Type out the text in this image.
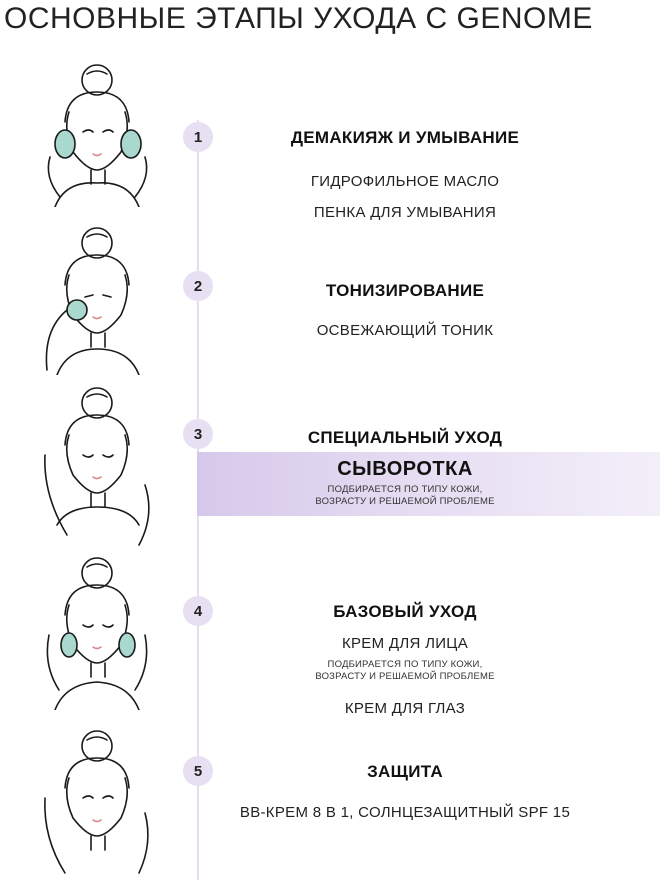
ОСНОВНЫЕ ЭТАПЫ УХОДА С GENOME
1	ДЕМАКИЯЖ И УМЫВАНИЕ
ГИДРОФИЛЬНОЕ МАСЛО
ПЕНКА ДЛЯ УМЫВАНИЯ
2	ТОНИЗИРОВАНИЕ
ОСВЕЖАЮЩИЙ ТОНИК
3	СПЕЦИАЛЬНЫЙ УХОД
СЫВОРОТКА
ПОДБИРАЕТСЯ ПО ТИПУ КОЖИ,
ВОЗРАСТУ И РЕШАЕМОЙ ПРОБЛЕМЕ
4	БАЗОВЫЙ УХОД
КРЕМ ДЛЯ ЛИЦА
ПОДБИРАЕТСЯ ПО ТИПУ КОЖИ,
ВОЗРАСТУ И РЕШАЕМОЙ ПРОБЛЕМЕ
КРЕМ ДЛЯ ГЛАЗ
5	ЗАЩИТА
BB-КРЕМ 8 В 1, СОЛНЦЕЗАЩИТНЫЙ SPF 15
